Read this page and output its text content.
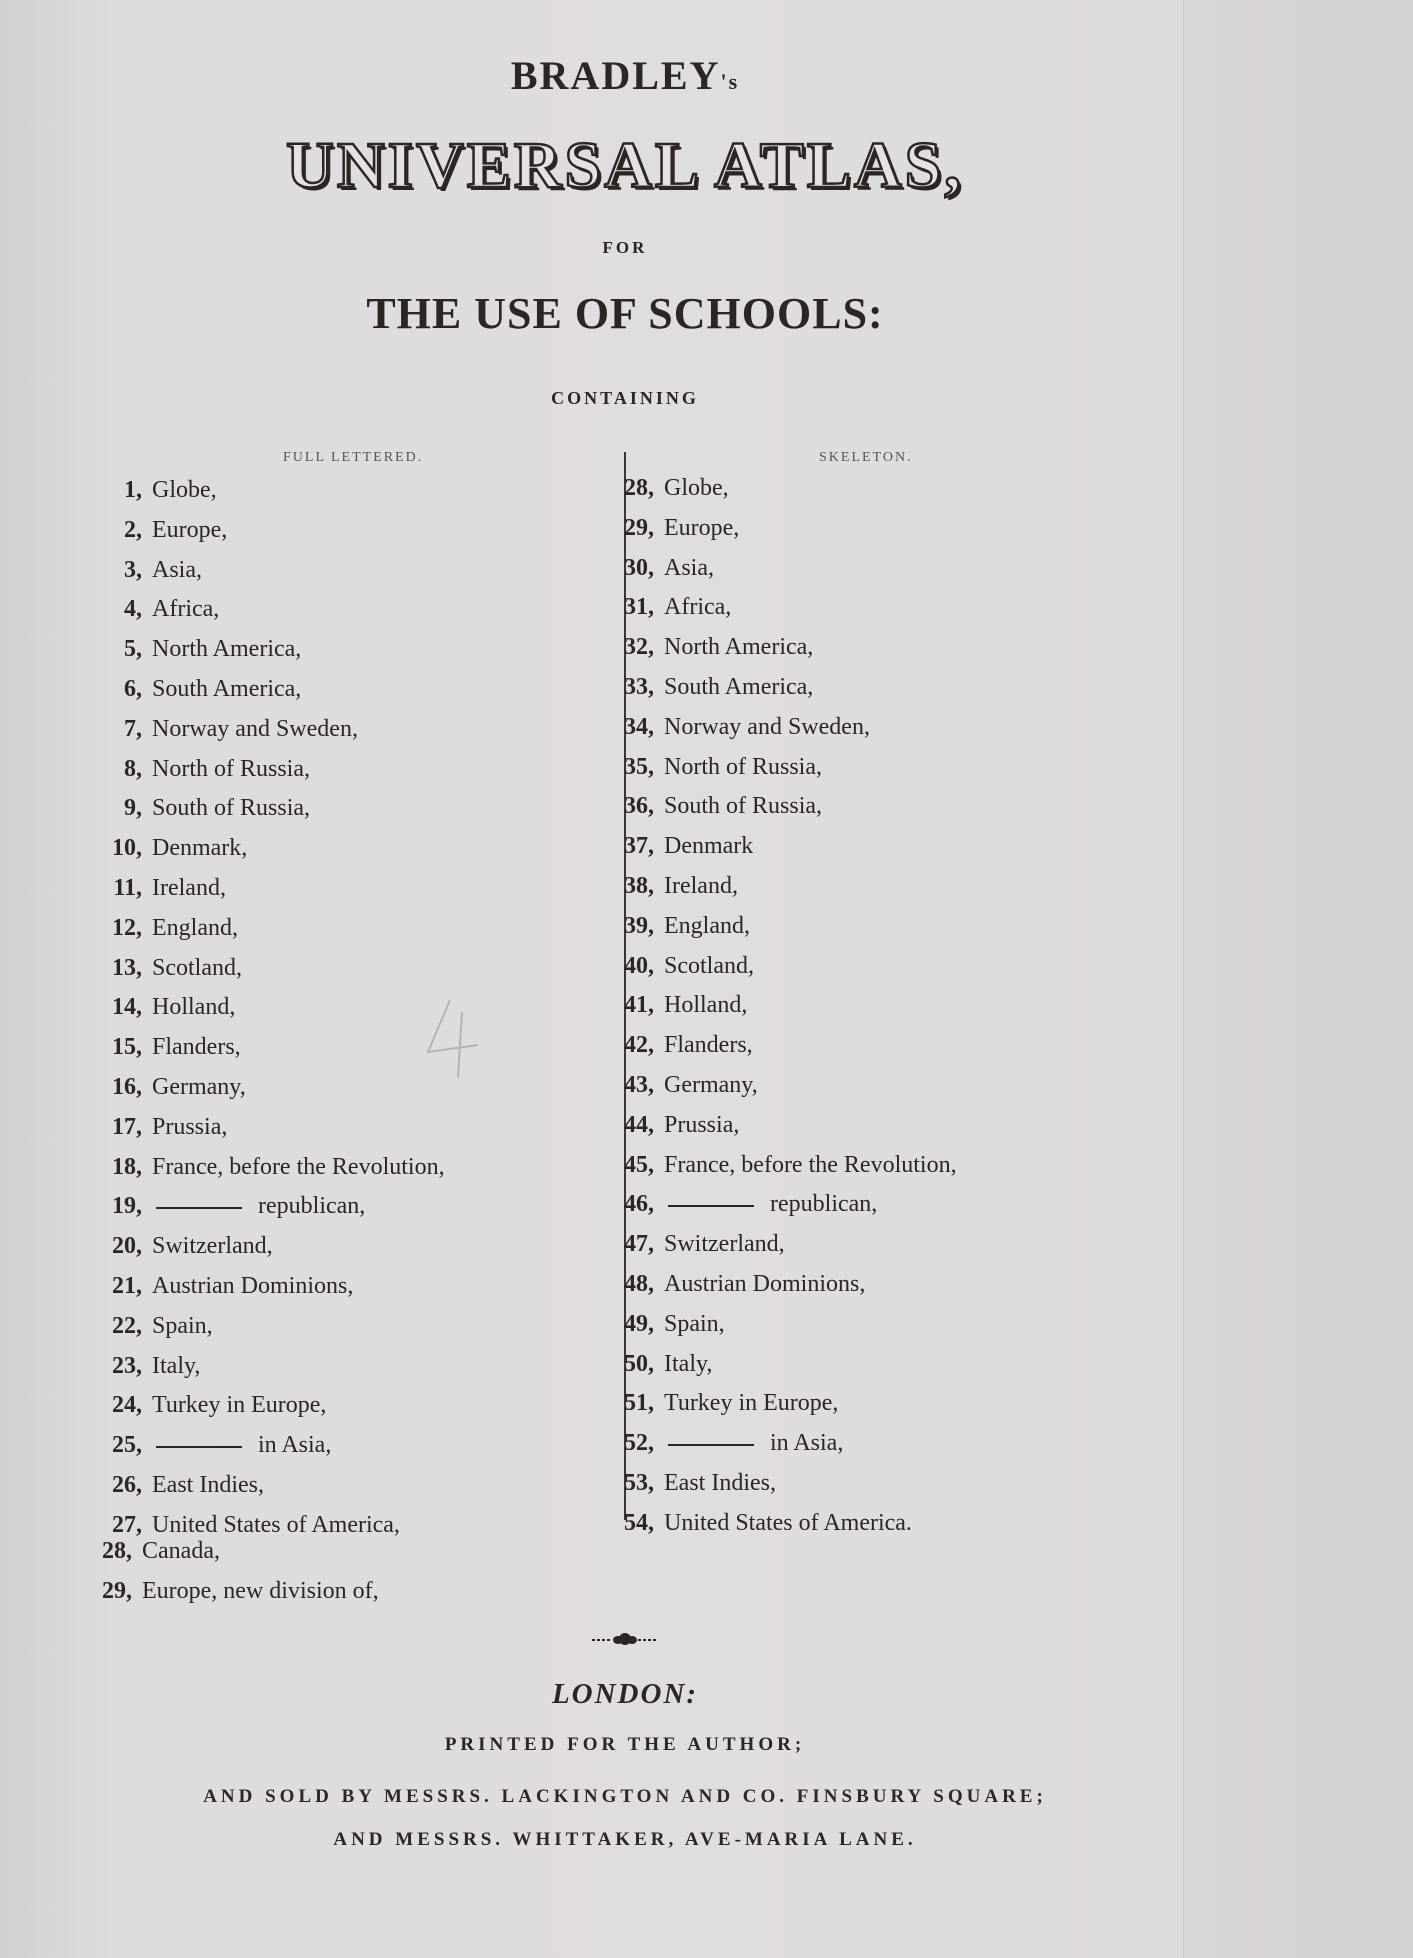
BRADLEY's
UNIVERSAL ATLAS,
FOR
THE USE OF SCHOOLS:
CONTAINING
FULL LETTERED.	SKELETON.
1, Globe,
2, Europe,
3, Asia,
4, Africa,
5, North America,
6, South America,
7, Norway and Sweden,
8, North of Russia,
9, South of Russia,
10, Denmark,
11, Ireland,
12, England,
13, Scotland,
14, Holland,
15, Flanders,
16, Germany,
17, Prussia,
18, France, before the Revolution,
19,	republican,
20, Switzerland,
21, Austrian Dominions,
22, Spain,
23, Italy,
24, Turkey in Europe,
25,	in Asia,
26, East Indies,
27, United States of America,
28, Globe,
29, Europe,
30, Asia,
31, Africa,
32, North America,
33, South America,
34, Norway and Sweden,
35, North of Russia,
36, South of Russia,
37, Denmark
38, Ireland,
39, England,
40, Scotland,
41, Holland,
42, Flanders,
43, Germany,
44, Prussia,
45, France, before the Revolution,
46,	republican,
47, Switzerland,
48, Austrian Dominions,
49, Spain,
50, Italy,
51, Turkey in Europe,
52,	in Asia,
53, East Indies,
54, United States of America.
28, Canada,
29, Europe, new division of,
LONDON:
PRINTED FOR THE AUTHOR;
AND SOLD BY MESSRS. LACKINGTON AND CO. FINSBURY SQUARE;
AND MESSRS. WHITTAKER, AVE-MARIA LANE.
